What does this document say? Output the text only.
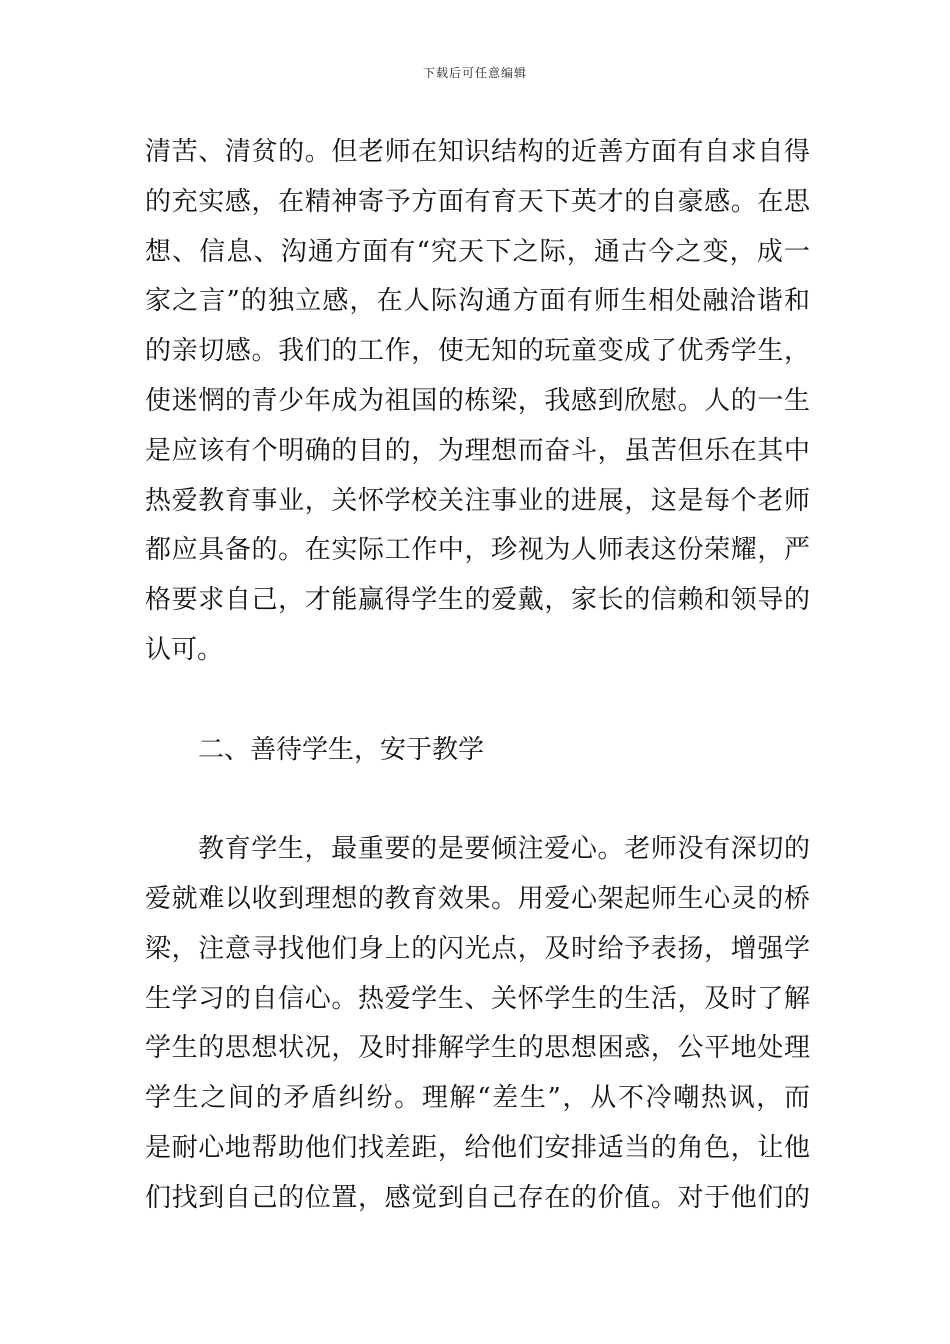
下载后可任意编辑
清苦、清贫的。但老师在知识结构的近善方面有自求自得
的充实感，在精神寄予方面有育天下英才的自豪感。在思
想、信息、沟通方面有“究天下之际，通古今之变，成一
家之言”的独立感，在人际沟通方面有师生相处融洽谐和
的亲切感。我们的工作，使无知的玩童变成了优秀学生，
使迷惘的青少年成为祖国的栋梁，我感到欣慰。人的一生
是应该有个明确的目的，为理想而奋斗，虽苦但乐在其中
热爱教育事业，关怀学校关注事业的进展，这是每个老师
都应具备的。在实际工作中，珍视为人师表这份荣耀，严
格要求自己，才能赢得学生的爱戴，家长的信赖和领导的
认可。
二、善待学生，安于教学
教育学生，最重要的是要倾注爱心。老师没有深切的
爱就难以收到理想的教育效果。用爱心架起师生心灵的桥
梁，注意寻找他们身上的闪光点，及时给予表扬，增强学
生学习的自信心。热爱学生、关怀学生的生活，及时了解
学生的思想状况，及时排解学生的思想困惑，公平地处理
学生之间的矛盾纠纷。理解“差生”，从不冷嘲热讽，而
是耐心地帮助他们找差距，给他们安排适当的角色，让他
们找到自己的位置，感觉到自己存在的价值。对于他们的
